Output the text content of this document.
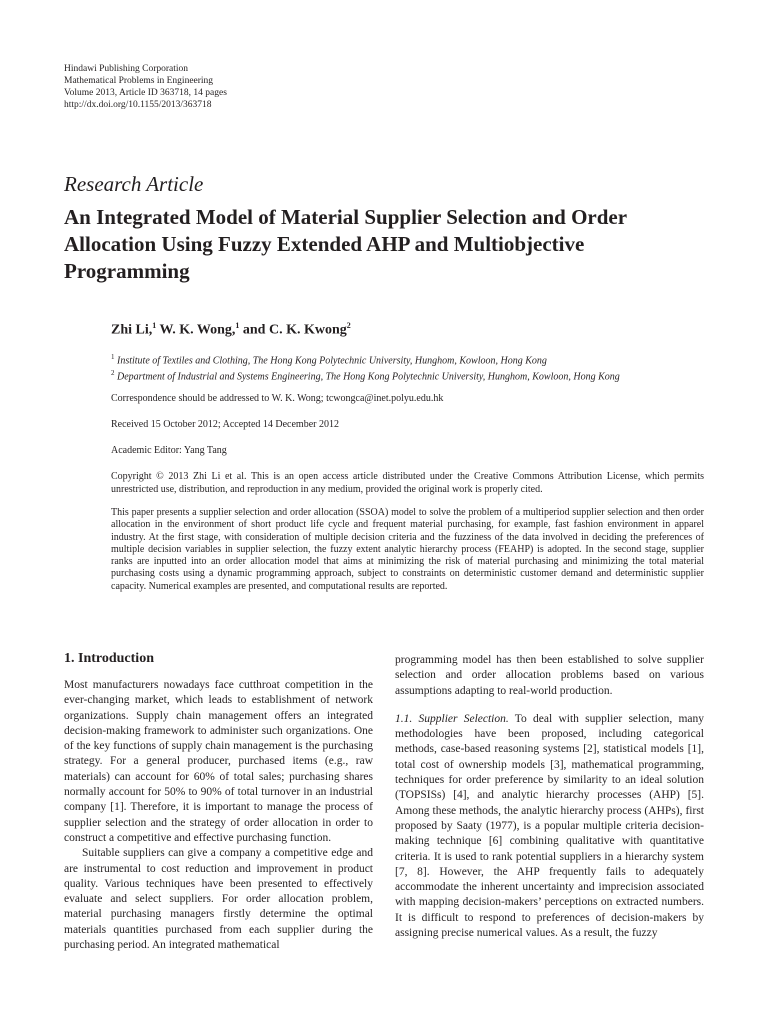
Hindawi Publishing Corporation
Mathematical Problems in Engineering
Volume 2013, Article ID 363718, 14 pages
http://dx.doi.org/10.1155/2013/363718
Research Article
An Integrated Model of Material Supplier Selection and Order Allocation Using Fuzzy Extended AHP and Multiobjective Programming
Zhi Li,$^1$ W. K. Wong,$^1$ and C. K. Kwong$^2$
$^1$ Institute of Textiles and Clothing, The Hong Kong Polytechnic University, Hunghom, Kowloon, Hong Kong
$^2$ Department of Industrial and Systems Engineering, The Hong Kong Polytechnic University, Hunghom, Kowloon, Hong Kong
Correspondence should be addressed to W. K. Wong; tcwongca@inet.polyu.edu.hk
Received 15 October 2012; Accepted 14 December 2012
Academic Editor: Yang Tang
Copyright © 2013 Zhi Li et al. This is an open access article distributed under the Creative Commons Attribution License, which permits unrestricted use, distribution, and reproduction in any medium, provided the original work is properly cited.
This paper presents a supplier selection and order allocation (SSOA) model to solve the problem of a multiperiod supplier selection and then order allocation in the environment of short product life cycle and frequent material purchasing, for example, fast fashion environment in apparel industry. At the first stage, with consideration of multiple decision criteria and the fuzziness of the data involved in deciding the preferences of multiple decision variables in supplier selection, the fuzzy extent analytic hierarchy process (FEAHP) is adopted. In the second stage, supplier ranks are inputted into an order allocation model that aims at minimizing the risk of material purchasing and minimizing the total material purchasing costs using a dynamic programming approach, subject to constraints on deterministic customer demand and deterministic supplier capacity. Numerical examples are presented, and computational results are reported.
1. Introduction

Most manufacturers nowadays face cutthroat competition in the ever-changing market, which leads to establishment of network organizations. Supply chain management offers an integrated decision-making framework to administer such organizations. One of the key functions of supply chain management is the purchasing strategy. For a general producer, purchased items (e.g., raw materials) can account for 60% of total sales; purchasing shares normally account for 50% to 90% of total turnover in an industrial company [1]. Therefore, it is important to manage the process of supplier selection and the strategy of order allocation in order to construct a competitive and effective purchasing function.

Suitable suppliers can give a company a competitive edge and are instrumental to cost reduction and improvement in product quality. Various techniques have been presented to effectively evaluate and select suppliers. For order allocation problem, material purchasing managers firstly determine the optimal materials quantities purchased from each supplier during the purchasing period. An integrated mathematical

programming model has then been established to solve supplier selection and order allocation problems based on various assumptions adapting to real-world production.

1.1. Supplier Selection. To deal with supplier selection, many methodologies have been proposed, including categorical methods, case-based reasoning systems [2], statistical models [1], total cost of ownership models [3], mathematical programming, techniques for order preference by similarity to an ideal solution (TOPSISs) [4], and analytic hierarchy processes (AHP) [5]. Among these methods, the analytic hierarchy process (AHPs), first proposed by Saaty (1977), is a popular multiple criteria decision-making technique [6] combining qualitative with quantitative criteria. It is used to rank potential suppliers in a hierarchy system [7, 8]. However, the AHP frequently fails to adequately accommodate the inherent uncertainty and imprecision associated with mapping decision-makers’ perceptions on extracted numbers. It is difficult to respond to preferences of decision-makers by assigning precise numerical values. As a result, the fuzzy
